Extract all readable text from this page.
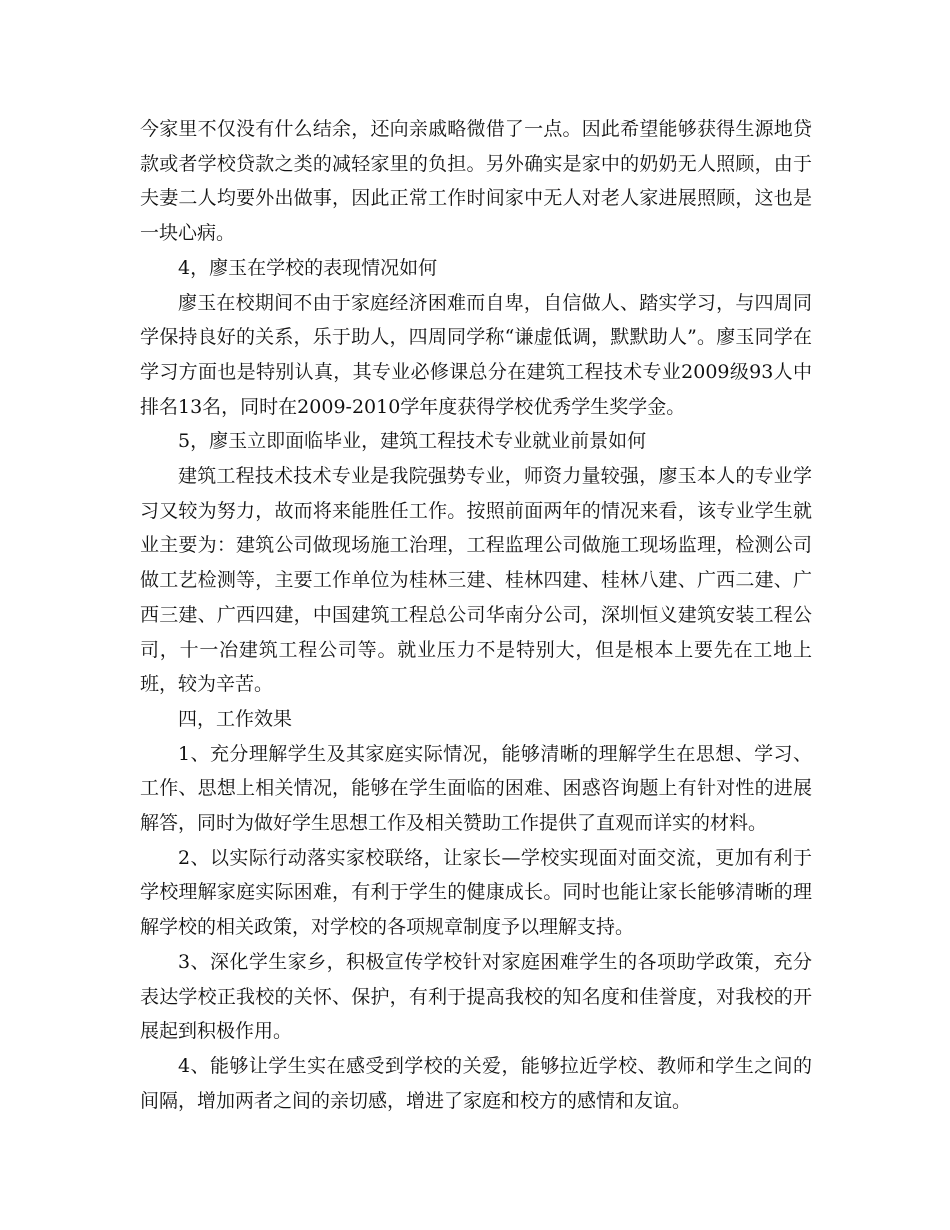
今家里不仅没有什么结余，还向亲戚略微借了一点。因此希望能够获得生源地贷款或者学校贷款之类的减轻家里的负担。另外确实是家中的奶奶无人照顾，由于夫妻二人均要外出做事，因此正常工作时间家中无人对老人家进展照顾，这也是一块心病。

4，廖玉在学校的表现情况如何

廖玉在校期间不由于家庭经济困难而自卑，自信做人、踏实学习，与四周同学保持良好的关系，乐于助人，四周同学称“谦虚低调，默默助人”。廖玉同学在学习方面也是特别认真，其专业必修课总分在建筑工程技术专业2009级93人中排名13名，同时在2009-2010学年度获得学校优秀学生奖学金。

5，廖玉立即面临毕业，建筑工程技术专业就业前景如何

建筑工程技术技术专业是我院强势专业，师资力量较强，廖玉本人的专业学习又较为努力，故而将来能胜任工作。按照前面两年的情况来看，该专业学生就业主要为：建筑公司做现场施工治理，工程监理公司做施工现场监理，检测公司做工艺检测等，主要工作单位为桂林三建、桂林四建、桂林八建、广西二建、广西三建、广西四建，中国建筑工程总公司华南分公司，深圳恒义建筑安装工程公司，十一冶建筑工程公司等。就业压力不是特别大，但是根本上要先在工地上班，较为辛苦。

四，工作效果

1、充分理解学生及其家庭实际情况，能够清晰的理解学生在思想、学习、工作、思想上相关情况，能够在学生面临的困难、困惑咨询题上有针对性的进展解答，同时为做好学生思想工作及相关赞助工作提供了直观而详实的材料。

2、以实际行动落实家校联络，让家长—学校实现面对面交流，更加有利于学校理解家庭实际困难，有利于学生的健康成长。同时也能让家长能够清晰的理解学校的相关政策，对学校的各项规章制度予以理解支持。

3、深化学生家乡，积极宣传学校针对家庭困难学生的各项助学政策，充分表达学校正我校的关怀、保护，有利于提高我校的知名度和佳誉度，对我校的开展起到积极作用。

4、能够让学生实在感受到学校的关爱，能够拉近学校、教师和学生之间的间隔，增加两者之间的亲切感，增进了家庭和校方的感情和友谊。
